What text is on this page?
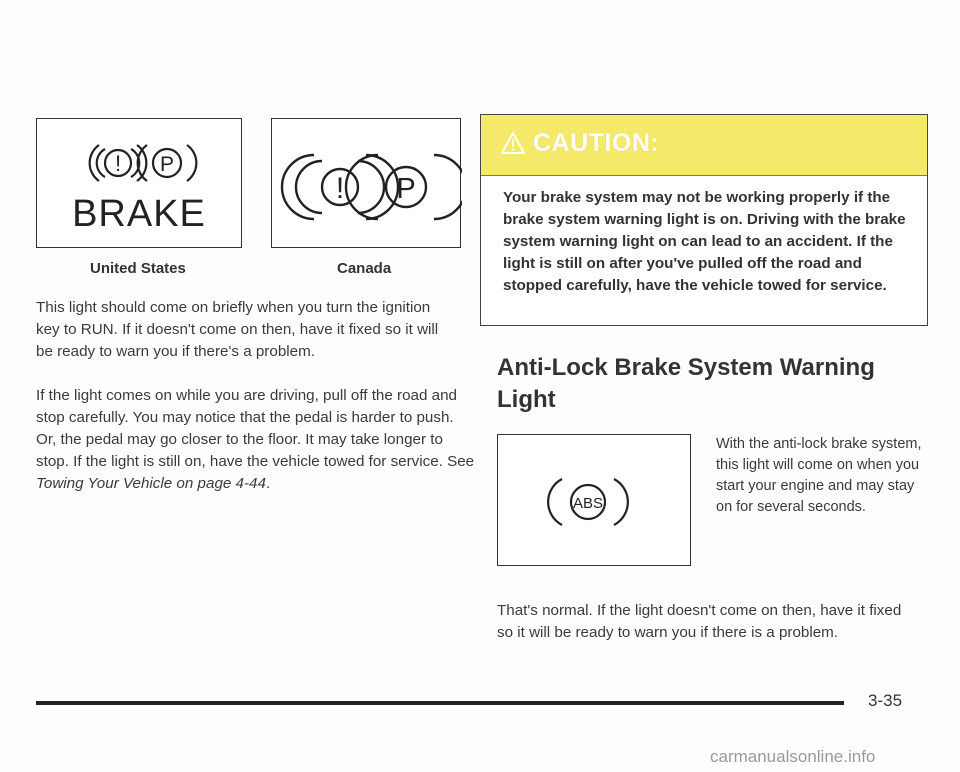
! P
BRAKE
United States
! P
Canada
This light should come on briefly when you turn the ignition key to RUN. If it doesn't come on then, have it fixed so it will be ready to warn you if there's a problem.
If the light comes on while you are driving, pull off the road and stop carefully. You may notice that the pedal is harder to push. Or, the pedal may go closer to the floor. It may take longer to stop. If the light is still on, have the vehicle towed for service. See Towing Your Vehicle on page 4-44.
CAUTION:
Your brake system may not be working properly if the brake system warning light is on. Driving with the brake system warning light on can lead to an accident. If the light is still on after you've pulled off the road and stopped carefully, have the vehicle towed for service.
Anti-Lock Brake System Warning Light
ABS
With the anti-lock brake system, this light will come on when you start your engine and may stay on for several seconds.
That's normal. If the light doesn't come on then, have it fixed so it will be ready to warn you if there is a problem.
3-35
carmanualsonline.info
